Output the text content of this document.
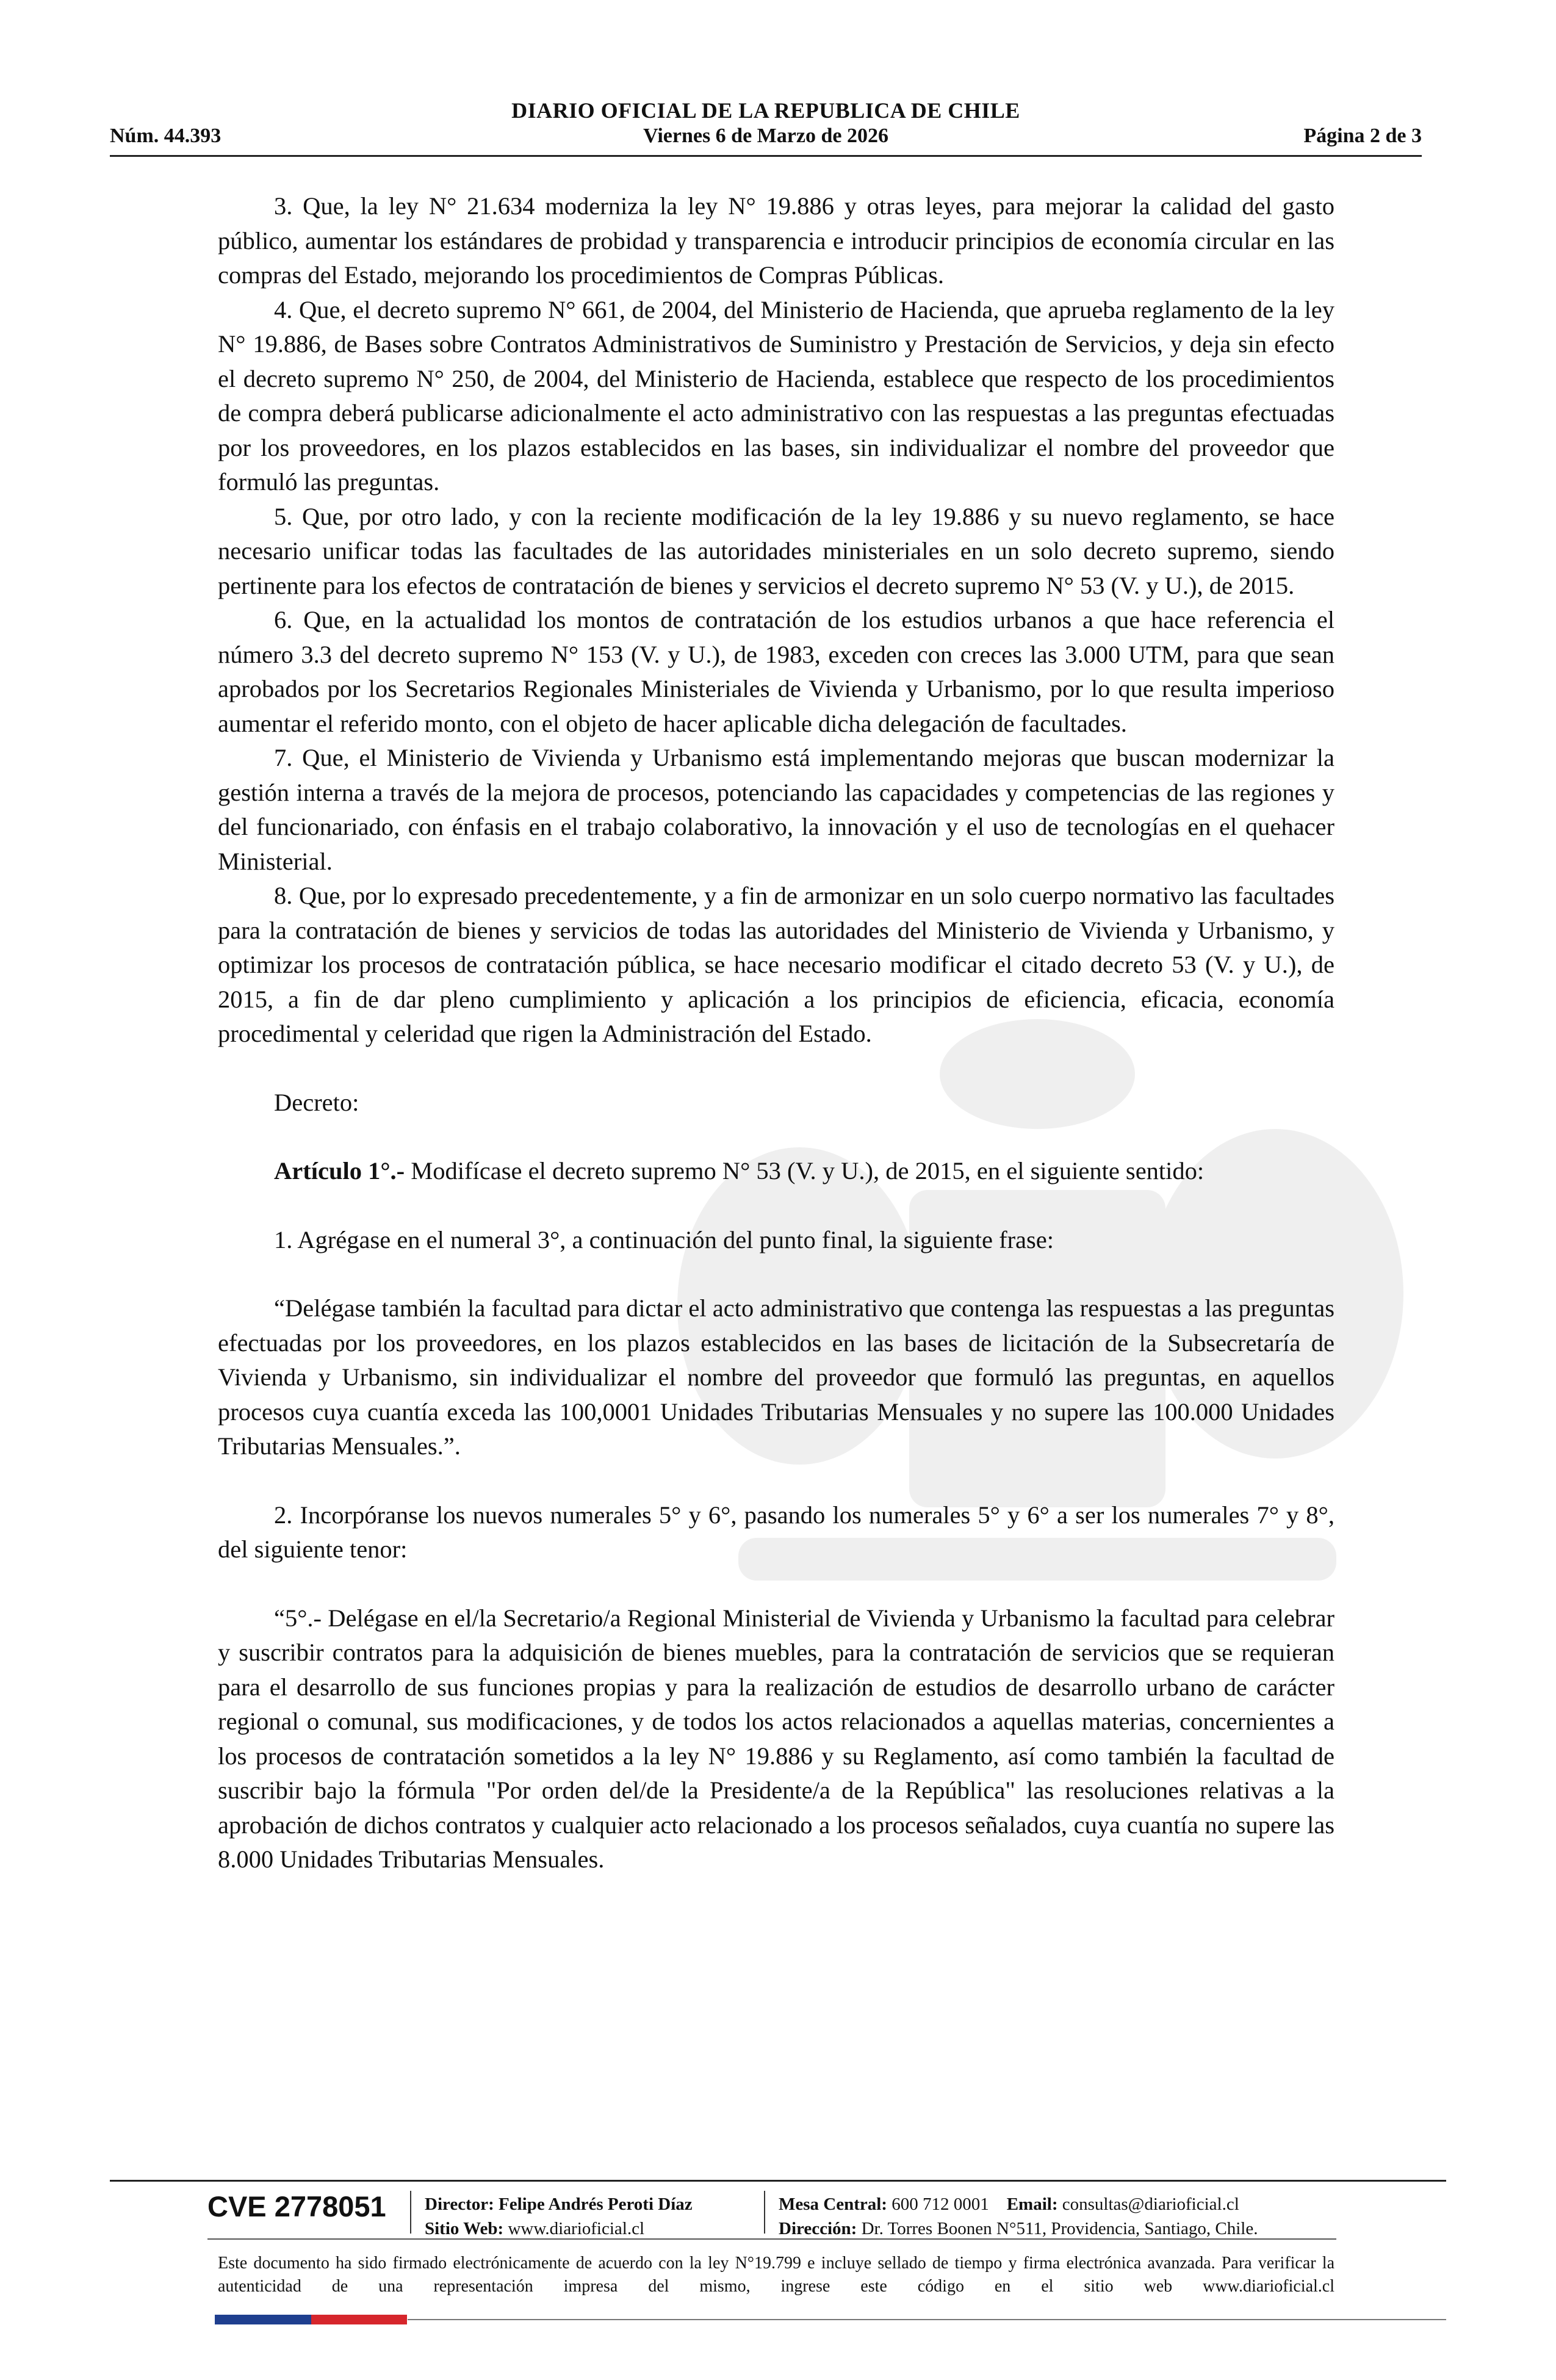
DIARIO OFICIAL DE LA REPUBLICA DE CHILE
Núm. 44.393	Viernes 6 de Marzo de 2026	Página 2 de 3

3. Que, la ley N° 21.634 moderniza la ley N° 19.886 y otras leyes, para mejorar la calidad del gasto público, aumentar los estándares de probidad y transparencia e introducir principios de economía circular en las compras del Estado, mejorando los procedimientos de Compras Públicas.

4. Que, el decreto supremo N° 661, de 2004, del Ministerio de Hacienda, que aprueba reglamento de la ley N° 19.886, de Bases sobre Contratos Administrativos de Suministro y Prestación de Servicios, y deja sin efecto el decreto supremo N° 250, de 2004, del Ministerio de Hacienda, establece que respecto de los procedimientos de compra deberá publicarse adicionalmente el acto administrativo con las respuestas a las preguntas efectuadas por los proveedores, en los plazos establecidos en las bases, sin individualizar el nombre del proveedor que formuló las preguntas.

5. Que, por otro lado, y con la reciente modificación de la ley 19.886 y su nuevo reglamento, se hace necesario unificar todas las facultades de las autoridades ministeriales en un solo decreto supremo, siendo pertinente para los efectos de contratación de bienes y servicios el decreto supremo N° 53 (V. y U.), de 2015.

6. Que, en la actualidad los montos de contratación de los estudios urbanos a que hace referencia el número 3.3 del decreto supremo N° 153 (V. y U.), de 1983, exceden con creces las 3.000 UTM, para que sean aprobados por los Secretarios Regionales Ministeriales de Vivienda y Urbanismo, por lo que resulta imperioso aumentar el referido monto, con el objeto de hacer aplicable dicha delegación de facultades.

7. Que, el Ministerio de Vivienda y Urbanismo está implementando mejoras que buscan modernizar la gestión interna a través de la mejora de procesos, potenciando las capacidades y competencias de las regiones y del funcionariado, con énfasis en el trabajo colaborativo, la innovación y el uso de tecnologías en el quehacer Ministerial.

8. Que, por lo expresado precedentemente, y a fin de armonizar en un solo cuerpo normativo las facultades para la contratación de bienes y servicios de todas las autoridades del Ministerio de Vivienda y Urbanismo, y optimizar los procesos de contratación pública, se hace necesario modificar el citado decreto 53 (V. y U.), de 2015, a fin de dar pleno cumplimiento y aplicación a los principios de eficiencia, eficacia, economía procedimental y celeridad que rigen la Administración del Estado.

Decreto:

Artículo 1°.- Modifícase el decreto supremo N° 53 (V. y U.), de 2015, en el siguiente sentido:

1. Agrégase en el numeral 3°, a continuación del punto final, la siguiente frase:

“Delégase también la facultad para dictar el acto administrativo que contenga las respuestas a las preguntas efectuadas por los proveedores, en los plazos establecidos en las bases de licitación de la Subsecretaría de Vivienda y Urbanismo, sin individualizar el nombre del proveedor que formuló las preguntas, en aquellos procesos cuya cuantía exceda las 100,0001 Unidades Tributarias Mensuales y no supere las 100.000 Unidades Tributarias Mensuales.”.

2. Incorpóranse los nuevos numerales 5° y 6°, pasando los numerales 5° y 6° a ser los numerales 7° y 8°, del siguiente tenor:

“5°.- Delégase en el/la Secretario/a Regional Ministerial de Vivienda y Urbanismo la facultad para celebrar y suscribir contratos para la adquisición de bienes muebles, para la contratación de servicios que se requieran para el desarrollo de sus funciones propias y para la realización de estudios de desarrollo urbano de carácter regional o comunal, sus modificaciones, y de todos los actos relacionados a aquellas materias, concernientes a los procesos de contratación sometidos a la ley N° 19.886 y su Reglamento, así como también la facultad de suscribir bajo la fórmula "Por orden del/de la Presidente/a de la República" las resoluciones relativas a la aprobación de dichos contratos y cualquier acto relacionado a los procesos señalados, cuya cuantía no supere las 8.000 Unidades Tributarias Mensuales.

CVE 2778051 Director: Felipe Andrés Peroti Díaz
Sitio Web: www.diarioficial.cl
Mesa Central: 600 712 0001 Email: consultas@diarioficial.cl
Dirección: Dr. Torres Boonen N°511, Providencia, Santiago, Chile.
Este documento ha sido firmado electrónicamente de acuerdo con la ley N°19.799 e incluye sellado de tiempo y firma electrónica avanzada. Para verificar la autenticidad de una representación impresa del mismo, ingrese este código en el sitio web www.diarioficial.cl
